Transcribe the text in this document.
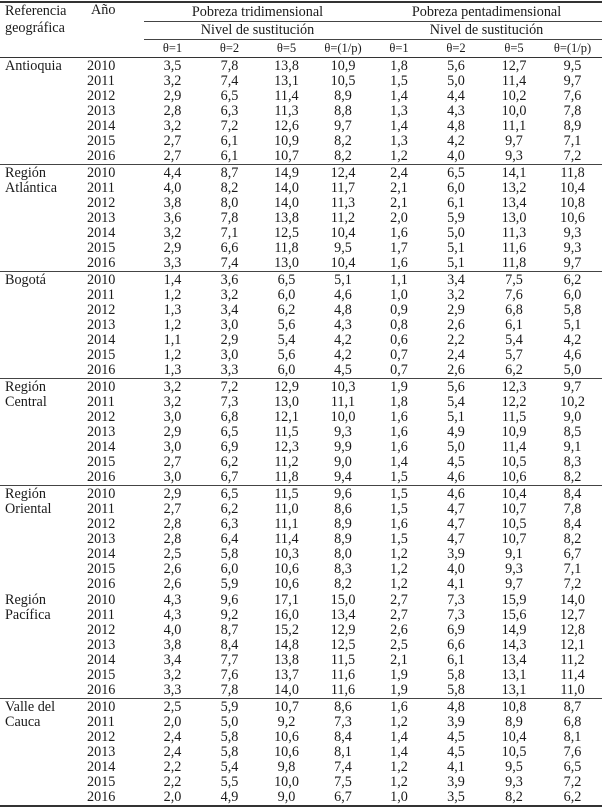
Referencia
geográfica	Año	Pobreza tridimensional				Pobreza pentadimensional			
		Nivel de sustitución				Nivel de sustitución			
		θ=1	θ=2	θ=5	θ=(1/p)	θ=1	θ=2	θ=5	θ=(1/p)
Antioquia	2010	3,5	7,8	13,8	10,9	1,8	5,6	12,7	9,5
	2011	3,2	7,4	13,1	10,5	1,5	5,0	11,4	9,7
	2012	2,9	6,5	11,4	8,9	1,4	4,4	10,2	7,6
	2013	2,8	6,3	11,3	8,8	1,3	4,3	10,0	7,8
	2014	3,2	7,2	12,6	9,7	1,4	4,8	11,1	8,9
	2015	2,7	6,1	10,9	8,2	1,3	4,2	9,7	7,1
	2016	2,7	6,1	10,7	8,2	1,2	4,0	9,3	7,2
Región	2010	4,4	8,7	14,9	12,4	2,4	6,5	14,1	11,8
Atlántica	2011	4,0	8,2	14,0	11,7	2,1	6,0	13,2	10,4
	2012	3,8	8,0	14,0	11,3	2,1	6,1	13,4	10,8
	2013	3,6	7,8	13,8	11,2	2,0	5,9	13,0	10,6
	2014	3,2	7,1	12,5	10,4	1,6	5,0	11,3	9,3
	2015	2,9	6,6	11,8	9,5	1,7	5,1	11,6	9,3
	2016	3,3	7,4	13,0	10,4	1,6	5,1	11,8	9,7
Bogotá	2010	1,4	3,6	6,5	5,1	1,1	3,4	7,5	6,2
	2011	1,2	3,2	6,0	4,6	1,0	3,2	7,6	6,0
	2012	1,3	3,4	6,2	4,8	0,9	2,9	6,8	5,8
	2013	1,2	3,0	5,6	4,3	0,8	2,6	6,1	5,1
	2014	1,1	2,9	5,4	4,2	0,6	2,2	5,4	4,2
	2015	1,2	3,0	5,6	4,2	0,7	2,4	5,7	4,6
	2016	1,3	3,3	6,0	4,5	0,7	2,6	6,2	5,0
Región	2010	3,2	7,2	12,9	10,3	1,9	5,6	12,3	9,7
Central	2011	3,2	7,3	13,0	11,1	1,8	5,4	12,2	10,2
	2012	3,0	6,8	12,1	10,0	1,6	5,1	11,5	9,0
	2013	2,9	6,5	11,5	9,3	1,6	4,9	10,9	8,5
	2014	3,0	6,9	12,3	9,9	1,6	5,0	11,4	9,1
	2015	2,7	6,2	11,2	9,0	1,4	4,5	10,5	8,3
	2016	3,0	6,7	11,8	9,4	1,5	4,6	10,6	8,2
Región	2010	2,9	6,5	11,5	9,6	1,5	4,6	10,4	8,4
Oriental	2011	2,7	6,2	11,0	8,6	1,5	4,7	10,7	7,8
	2012	2,8	6,3	11,1	8,9	1,6	4,7	10,5	8,4
	2013	2,8	6,4	11,4	8,9	1,5	4,7	10,7	8,2
	2014	2,5	5,8	10,3	8,0	1,2	3,9	9,1	6,7
	2015	2,6	6,0	10,6	8,3	1,2	4,0	9,3	7,1
	2016	2,6	5,9	10,6	8,2	1,2	4,1	9,7	7,2
Región	2010	4,3	9,6	17,1	15,0	2,7	7,3	15,9	14,0
Pacífica	2011	4,3	9,2	16,0	13,4	2,7	7,3	15,6	12,7
	2012	4,0	8,7	15,2	12,9	2,6	6,9	14,9	12,8
	2013	3,8	8,4	14,8	12,5	2,5	6,6	14,3	12,1
	2014	3,4	7,7	13,8	11,5	2,1	6,1	13,4	11,2
	2015	3,2	7,6	13,7	11,6	1,9	5,8	13,1	11,4
	2016	3,3	7,8	14,0	11,6	1,9	5,8	13,1	11,0
Valle del	2010	2,5	5,9	10,7	8,6	1,6	4,8	10,8	8,7
Cauca	2011	2,0	5,0	9,2	7,3	1,2	3,9	8,9	6,8
	2012	2,4	5,8	10,6	8,4	1,4	4,5	10,4	8,1
	2013	2,4	5,8	10,6	8,1	1,4	4,5	10,5	7,6
	2014	2,2	5,4	9,8	7,4	1,2	4,1	9,5	6,5
	2015	2,2	5,5	10,0	7,5	1,2	3,9	9,3	7,2
	2016	2,0	4,9	9,0	6,7	1,0	3,5	8,2	6,2
